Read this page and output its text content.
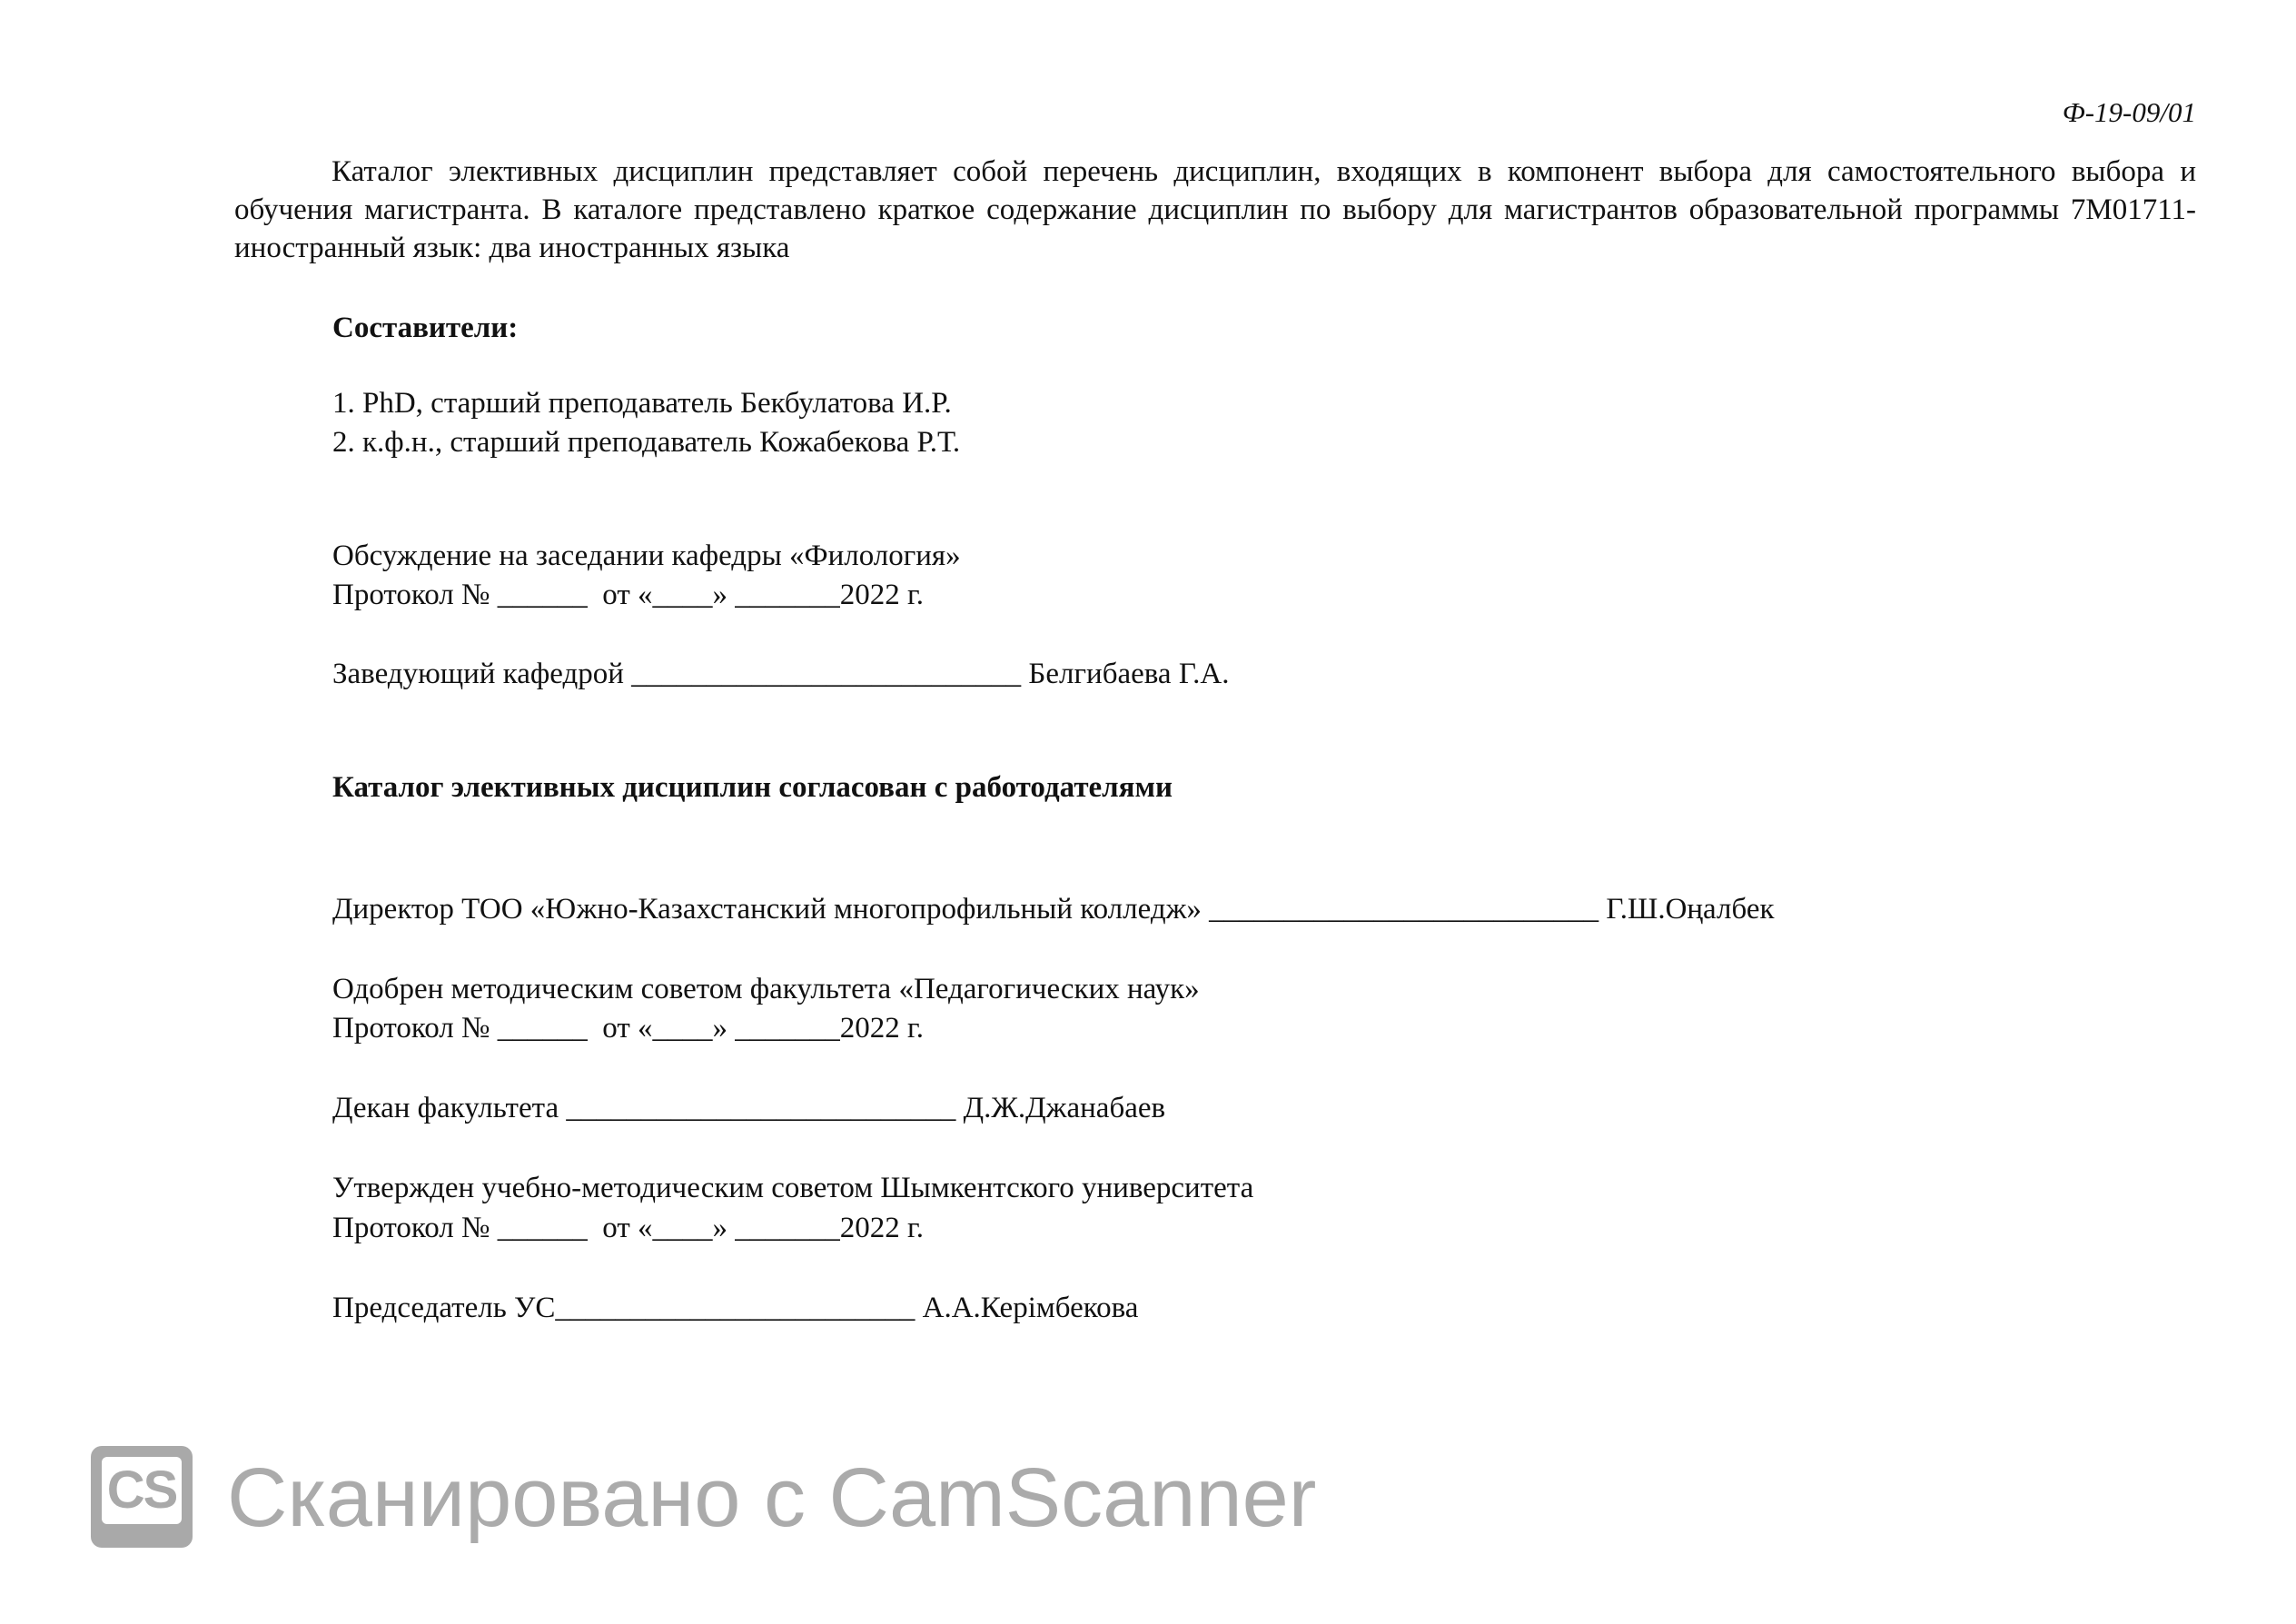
Ф-19-09/01

Каталог элективных дисциплин представляет собой перечень дисциплин, входящих в компонент выбора для самостоятельного выбора и обучения магистранта. В каталоге представлено краткое содержание дисциплин по выбору для магистрантов образовательной программы 7М01711-иностранный язык: два иностранных языка

Составители:

1. PhD, старший преподаватель Бекбулатова И.Р.

2. к.ф.н., старший преподаватель Кожабекова Р.Т.

Обсуждение на заседании кафедры «Филология»

Протокол № ______  от «____» _______2022 г.

Заведующий кафедрой __________________________ Белгибаева Г.А.

Каталог элективных дисциплин согласован с работодателями

Директор ТОО «Южно-Казахстанский многопрофильный колледж» __________________________ Г.Ш.Оңалбек

Одобрен методическим советом факультета «Педагогических наук»

Протокол № ______  от «____» _______2022 г.

Декан факультета __________________________ Д.Ж.Джанабаев

Утвержден учебно-методическим советом Шымкентского университета

Протокол № ______  от «____» _______2022 г.

Председатель УС________________________ А.А.Керімбекова

CS Сканировано с CamScanner
